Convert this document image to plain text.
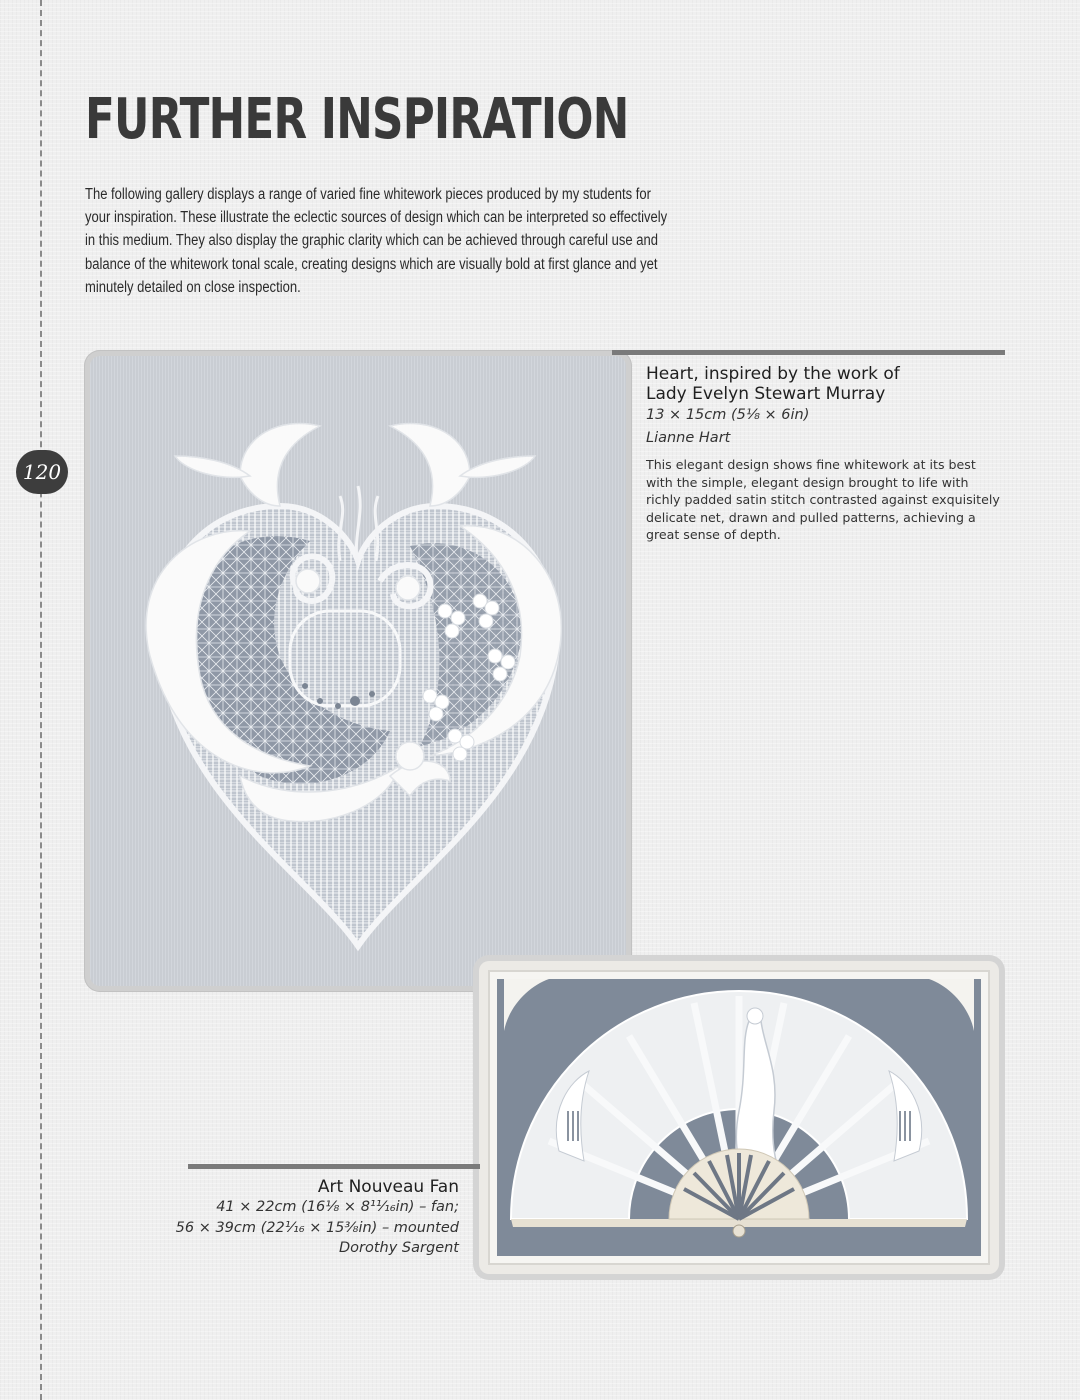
120
FURTHER INSPIRATION

The following gallery displays a range of varied fine whitework pieces produced by my students for your inspiration. These illustrate the eclectic sources of design which can be interpreted so effectively in this medium. They also display the graphic clarity which can be achieved through careful use and balance of the whitework tonal scale, creating designs which are visually bold at first glance and yet minutely detailed on close inspection.

Heart, inspired by the work of

Lady Evelyn Stewart Murray

13 × 15cm (5⅛ × 6in)

Lianne Hart

This elegant design shows fine whitework at its best with the simple, elegant design brought to life with richly padded satin stitch contrasted against exquisitely delicate net, drawn and pulled patterns, achieving a great sense of depth.

Art Nouveau Fan

41 × 22cm (16⅛ × 8¹¹⁄₁₆in) – fan;

56 × 39cm (22¹⁄₁₆ × 15⅜in) – mounted

Dorothy Sargent
